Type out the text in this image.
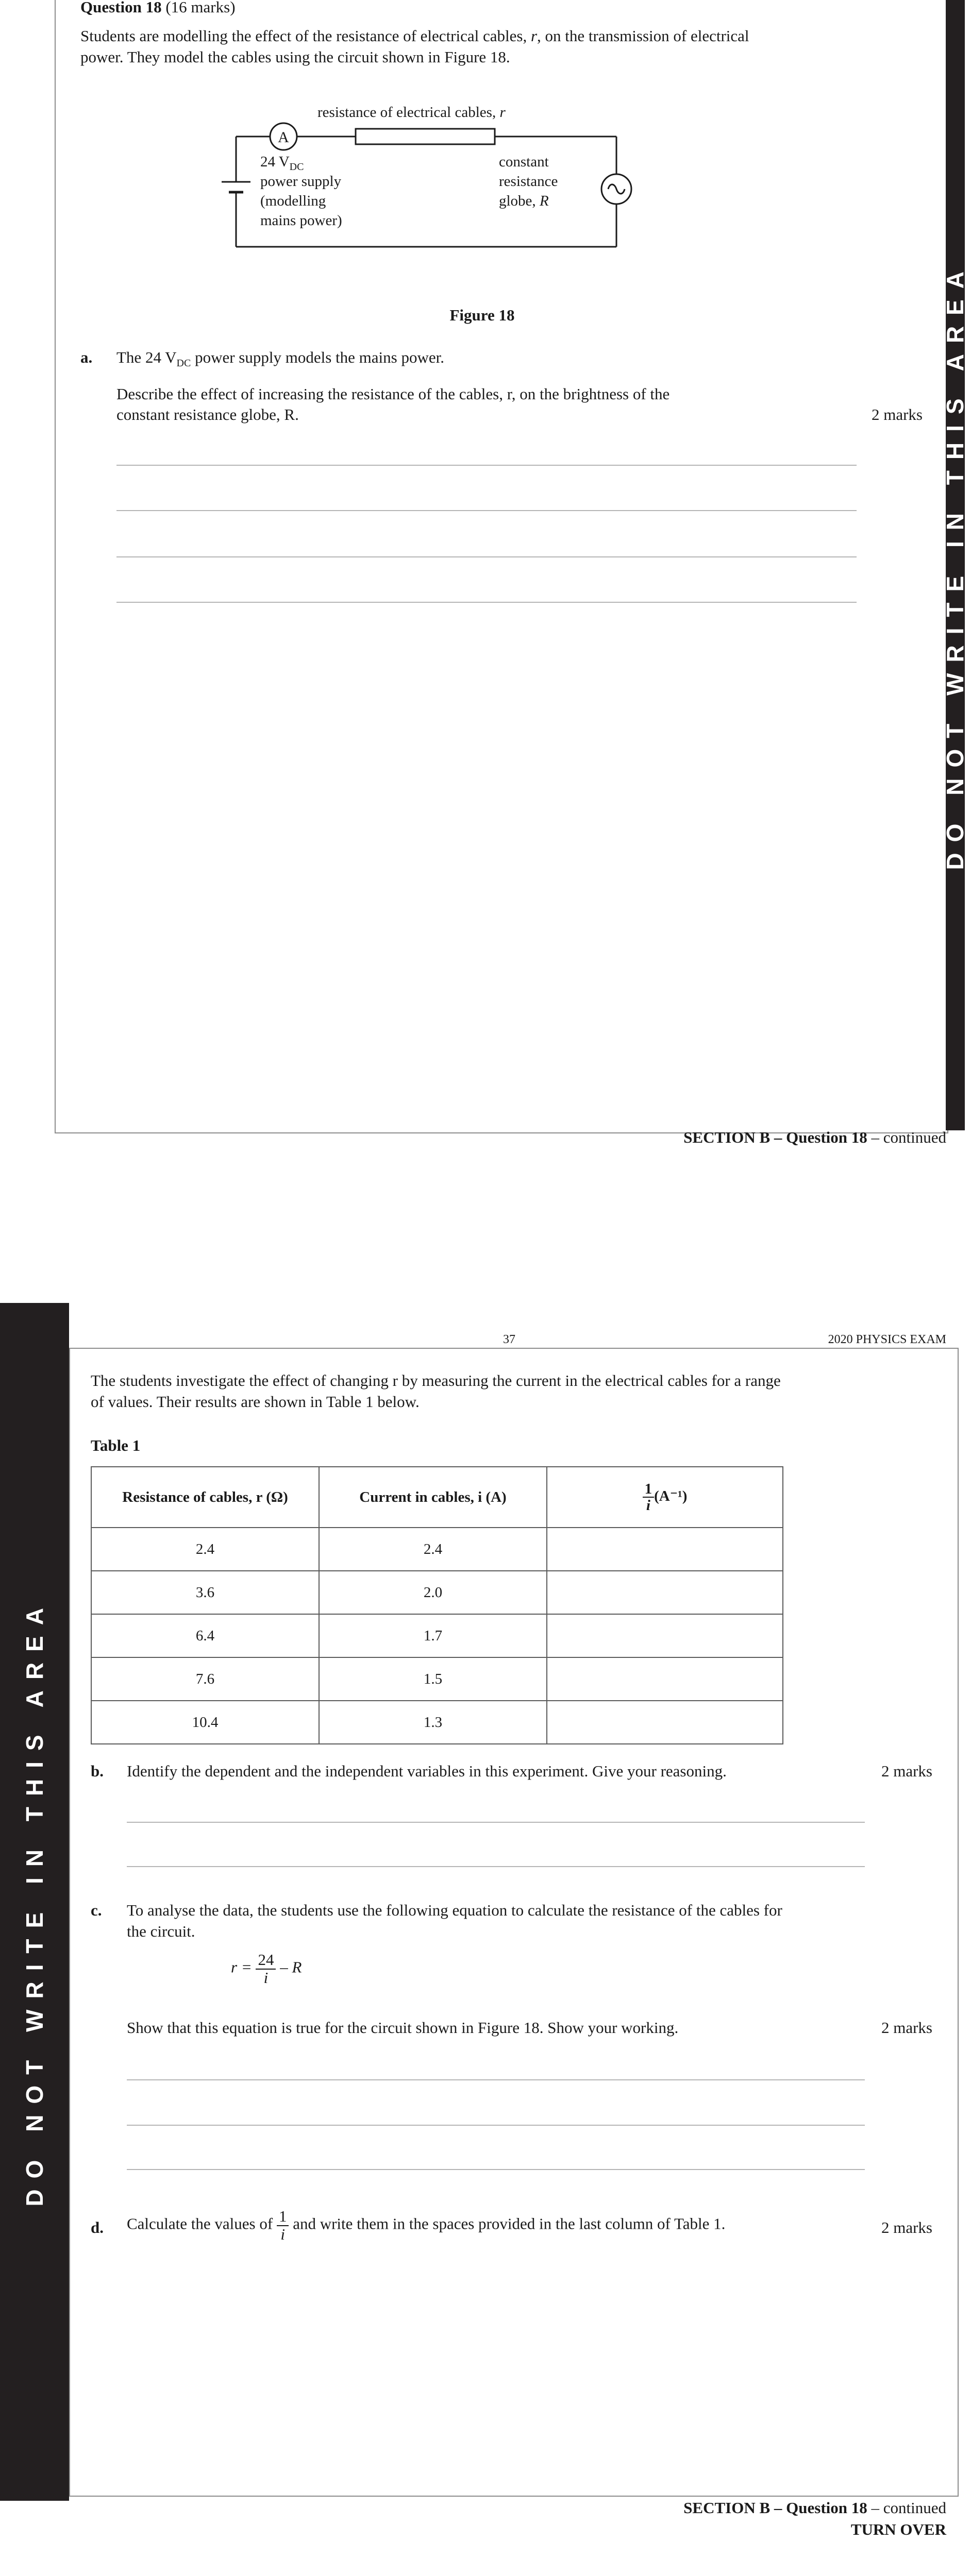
DO NOT WRITE IN THIS AREA
Question 18 (16 marks)
Students are modelling the effect of the resistance of electrical cables, r, on the transmission of electrical
power. They model the cables using the circuit shown in Figure 18.
A
resistance of electrical cables, r
24 $V_{DC}$
power supply
(modelling
mains power)
constant
resistance
globe, R
Figure 18
a. The 24 $V_{DC}$ power supply models the mains power.
Describe the effect of increasing the resistance of the cables, r, on the brightness of the
constant resistance globe, R.	2 marks
SECTION B – Question 18 – continued
37	2020 PHYSICS EXAM
DO NOT WRITE IN THIS AREA
The students investigate the effect of changing r by measuring the current in the electrical cables for a range
of values. Their results are shown in Table 1 below.
Table 1
Resistance of cables, r (Ω)	Current in cables, i (A)	$\frac{1}{i} (A^{-1})$
2.4	2.4	
3.6	2.0	
6.4	1.7	
7.6	1.5	
10.4	1.3	
b. Identify the dependent and the independent variables in this experiment. Give your reasoning.	2 marks
c. To analyse the data, the students use the following equation to calculate the resistance of the cables for
the circuit.
$r = \frac{24}{i} - R$
Show that this equation is true for the circuit shown in Figure 18. Show your working.	2 marks
d. Calculate the values of $\frac{1}{i}$ and write them in the spaces provided in the last column of Table 1.	2 marks
SECTION B – Question 18 – continued
TURN OVER
